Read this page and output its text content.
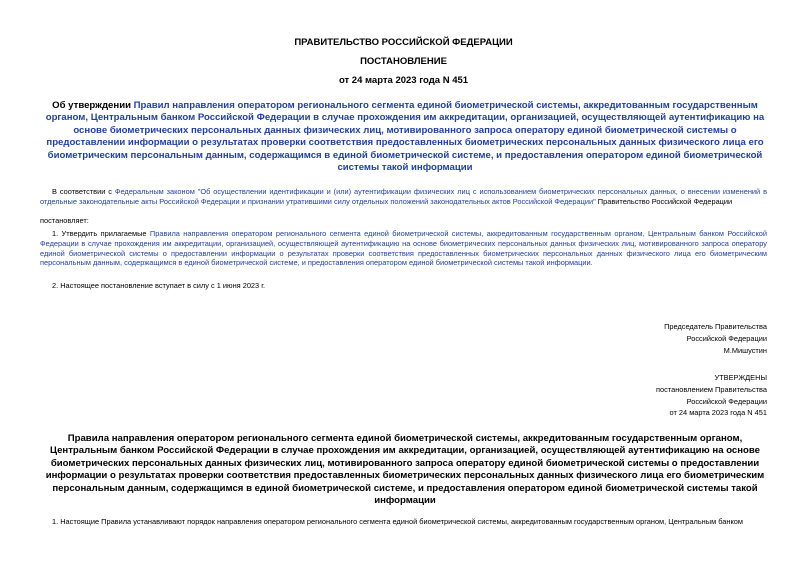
ПРАВИТЕЛЬСТВО РОССИЙСКОЙ ФЕДЕРАЦИИ
ПОСТАНОВЛЕНИЕ
от 24 марта 2023 года N 451
Об утверждении Правил направления оператором регионального сегмента единой биометрической системы, аккредитованным государственным органом, Центральным банком Российской Федерации в случае прохождения им аккредитации, организацией, осуществляющей аутентификацию на основе биометрических персональных данных физических лиц, мотивированного запроса оператору единой биометрической системы о предоставлении информации о результатах проверки соответствия предоставленных биометрических персональных данных физического лица его биометрическим персональным данным, содержащимся в единой биометрической системе, и предоставления оператором единой биометрической системы такой информации
В соответствии с Федеральным законом "Об осуществлении идентификации и (или) аутентификации физических лиц с использованием биометрических персональных данных, о внесении изменений в отдельные законодательные акты Российской Федерации и признании утратившими силу отдельных положений законодательных актов Российской Федерации" Правительство Российской Федерации
постановляет:
1. Утвердить прилагаемые Правила направления оператором регионального сегмента единой биометрической системы, аккредитованным государственным органом, Центральным банком Российской Федерации в случае прохождения им аккредитации, организацией, осуществляющей аутентификацию на основе биометрических персональных данных физических лиц, мотивированного запроса оператору единой биометрической системы о предоставлении информации о результатах проверки соответствия предоставленных биометрических персональных данных физического лица его биометрическим персональным данным, содержащимся в единой биометрической системе, и предоставления оператором единой биометрической системы такой информации.
2. Настоящее постановление вступает в силу с 1 июня 2023 г.
Председатель Правительства
Российской Федерации
М.Мишустин
УТВЕРЖДЕНЫ
постановлением Правительства
Российской Федерации
от 24 марта 2023 года N 451
Правила направления оператором регионального сегмента единой биометрической системы, аккредитованным государственным органом, Центральным банком Российской Федерации в случае прохождения им аккредитации, организацией, осуществляющей аутентификацию на основе биометрических персональных данных физических лиц, мотивированного запроса оператору единой биометрической системы о предоставлении информации о результатах проверки соответствия предоставленных биометрических персональных данных физического лица его биометрическим персональным данным, содержащимся в единой биометрической системе, и предоставления оператором единой биометрической системы такой информации
1. Настоящие Правила устанавливают порядок направления оператором регионального сегмента единой биометрической системы, аккредитованным государственным органом, Центральным банком
